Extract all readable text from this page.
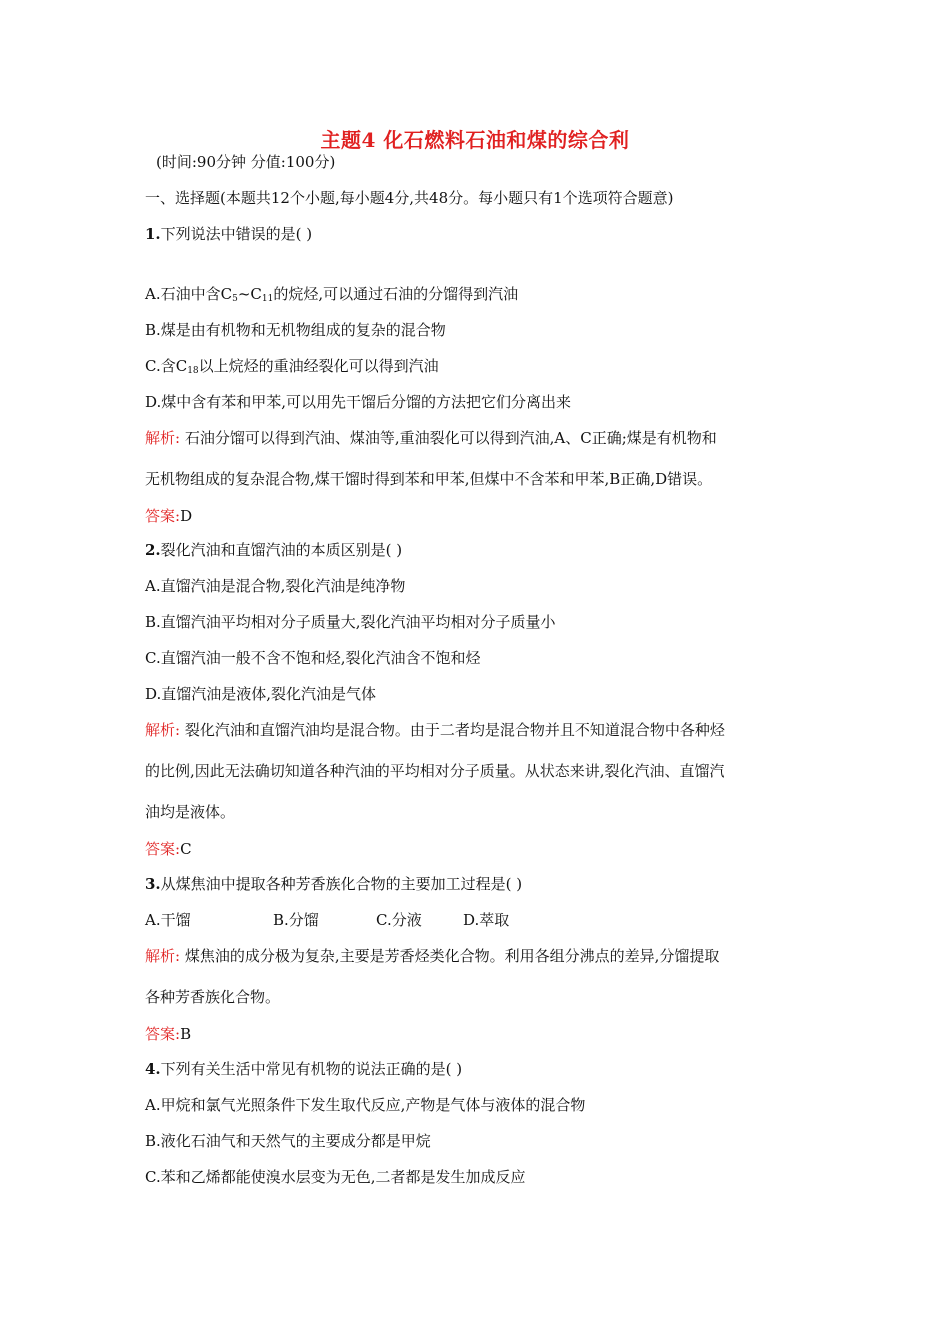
主题4 化石燃料石油和煤的综合利
(时间:90分钟 分值:100分)
一、选择题(本题共12个小题,每小题4分,共48分。每小题只有1个选项符合题意)
1.下列说法中错误的是( )
A.石油中含$C_5\sim C_{11}$的烷烃,可以通过石油的分馏得到汽油
B.煤是由有机物和无机物组成的复杂的混合物
C.含$C_{18}$以上烷烃的重油经裂化可以得到汽油
D.煤中含有苯和甲苯,可以用先干馏后分馏的方法把它们分离出来
解析: 石油分馏可以得到汽油、煤油等,重油裂化可以得到汽油,A、C正确;煤是有机物和
无机物组成的复杂混合物,煤干馏时得到苯和甲苯,但煤中不含苯和甲苯,B正确,D错误。
答案:D
2.裂化汽油和直馏汽油的本质区别是( )
A.直馏汽油是混合物,裂化汽油是纯净物
B.直馏汽油平均相对分子质量大,裂化汽油平均相对分子质量小
C.直馏汽油一般不含不饱和烃,裂化汽油含不饱和烃
D.直馏汽油是液体,裂化汽油是气体
解析: 裂化汽油和直馏汽油均是混合物。由于二者均是混合物并且不知道混合物中各种烃
的比例,因此无法确切知道各种汽油的平均相对分子质量。从状态来讲,裂化汽油、直馏汽
油均是液体。
答案:C
3.从煤焦油中提取各种芳香族化合物的主要加工过程是( )
A.干馏	B.分馏	C.分液	D.萃取
解析: 煤焦油的成分极为复杂,主要是芳香烃类化合物。利用各组分沸点的差异,分馏提取
各种芳香族化合物。
答案:B
4.下列有关生活中常见有机物的说法正确的是( )
A.甲烷和氯气光照条件下发生取代反应,产物是气体与液体的混合物
B.液化石油气和天然气的主要成分都是甲烷
C.苯和乙烯都能使溴水层变为无色,二者都是发生加成反应
